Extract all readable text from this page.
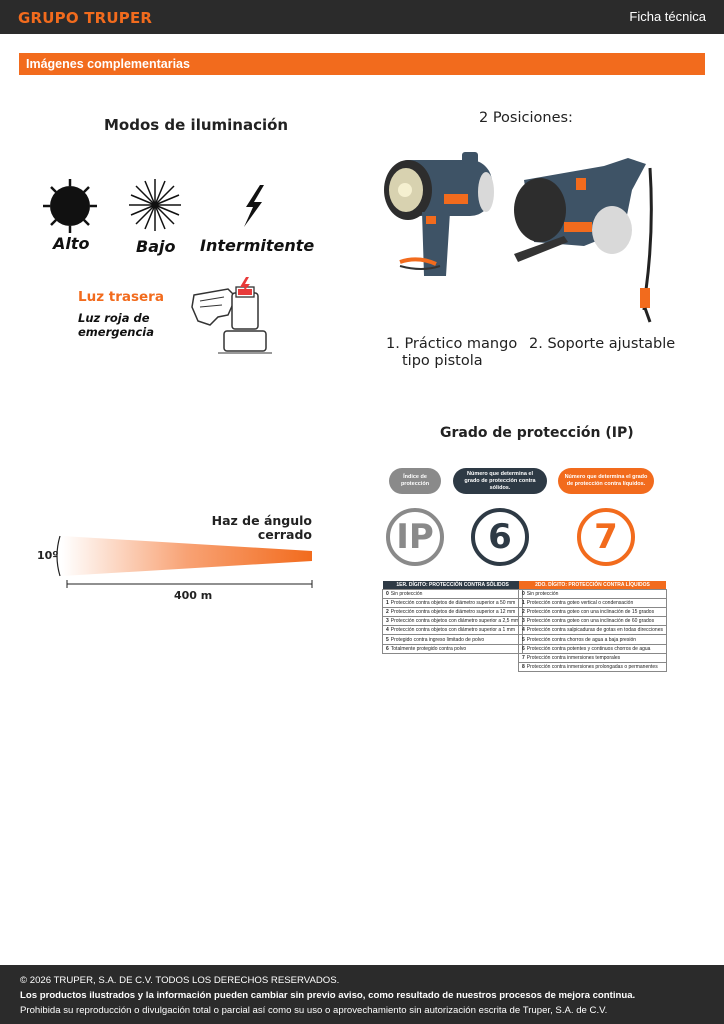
GRUPO TRUPER	Ficha técnica
Imágenes complementarias
Modos de iluminación
Alto	Bajo Intermitente
Luz trasera
Luz roja de emergencia
2 Posiciones:
1. Práctico mango
tipo pistola
2. Soporte ajustable
Haz de ángulo
cerrado
10º
400 m
Grado de protección (IP)
Índice de protección
Número que determina el grado de protección contra sólidos.
Número que determina el grado de protección contra líquidos.
IP	6	7
1ER. DÍGITO: PROTECCIÓN CONTRA SÓLIDOS
0 Sin protección
1 Protección contra objetos de diámetro superior a 50 mm
2 Protección contra objetos de diámetro superior a 12 mm
3 Protección contra objetos con diámetro superior a 2,5 mm
4 Protección contra objetos con diámetro superior a 1 mm
5 Protegido contra ingreso limitado de polvo
6 Totalmente protegido contra polvo
2DO. DÍGITO: PROTECCIÓN CONTRA LÍQUIDOS
0 Sin protección
1 Protección contra goteo vertical o condensación
2 Protección contra goteo con una inclinación de 15 grados
3 Protección contra goteo con una inclinación de 60 grados
4 Protección contra salpicaduras de gotas en todas direcciones
5 Protección contra chorros de agua a baja presión
6 Protección contra potentes y continuos chorros de agua
7 Protección contra inmersiones temporales
8 Protección contra inmersiones prolongadas o permanentes
© 2026 TRUPER, S.A. DE C.V. TODOS LOS DERECHOS RESERVADOS.
Los productos ilustrados y la información pueden cambiar sin previo aviso, como resultado de nuestros procesos de mejora continua.
Prohibida su reproducción o divulgación total o parcial así como su uso o aprovechamiento sin autorización escrita de Truper, S.A. de C.V.
